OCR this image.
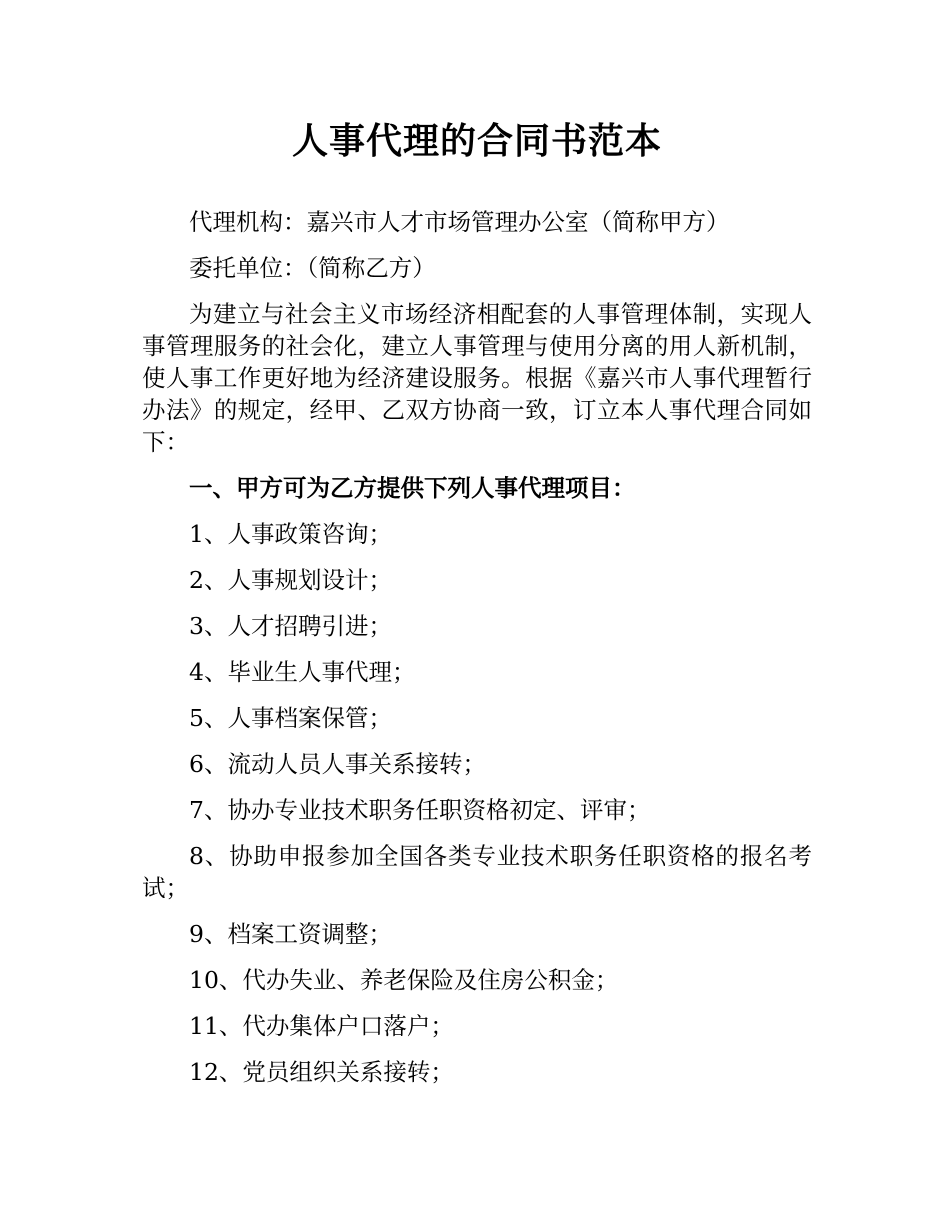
人事代理的合同书范本

代理机构：嘉兴市人才市场管理办公室（简称甲方）

委托单位：（简称乙方）

为建立与社会主义市场经济相配套的人事管理体制，实现人事管理服务的社会化，建立人事管理与使用分离的用人新机制，使人事工作更好地为经济建设服务。根据《嘉兴市人事代理暂行办法》的规定，经甲、乙双方协商一致，订立本人事代理合同如下：

一、甲方可为乙方提供下列人事代理项目：

1、人事政策咨询；

2、人事规划设计；

3、人才招聘引进；

4、毕业生人事代理；

5、人事档案保管；

6、流动人员人事关系接转；

7、协办专业技术职务任职资格初定、评审；

8、协助申报参加全国各类专业技术职务任职资格的报名考试；

9、档案工资调整；

10、代办失业、养老保险及住房公积金；

11、代办集体户口落户；

12、党员组织关系接转；
